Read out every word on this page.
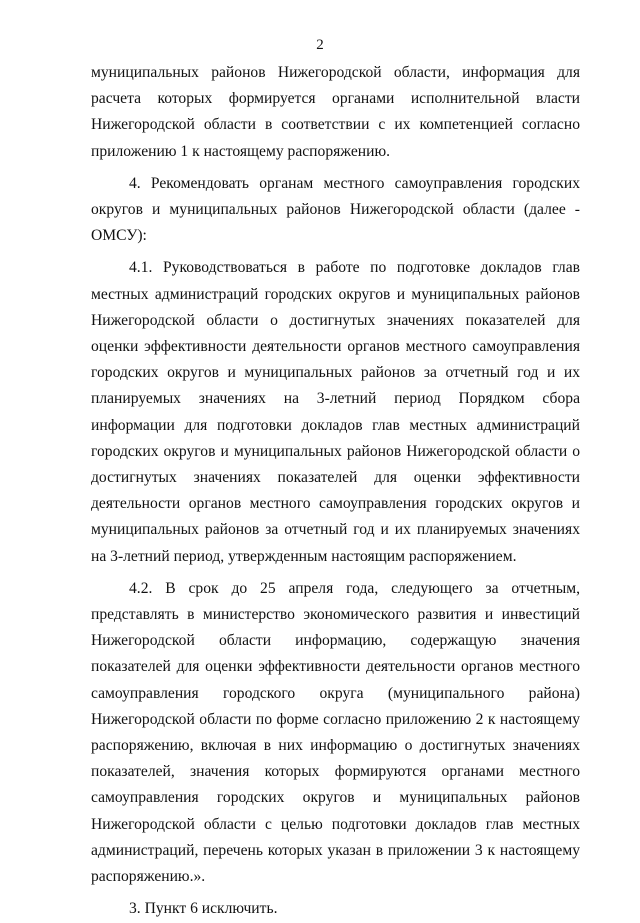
2

муниципальных районов Нижегородской области, информация для расчета которых формируется органами исполнительной власти Нижегородской области в соответствии с их компетенцией согласно приложению 1 к настоящему распоряжению.

4. Рекомендовать органам местного самоуправления городских округов и муниципальных районов Нижегородской области (далее - ОМСУ):

4.1. Руководствоваться в работе по подготовке докладов глав местных администраций городских округов и муниципальных районов Нижегородской области о достигнутых значениях показателей для оценки эффективности деятельности органов местного самоуправления городских округов и муниципальных районов за отчетный год и их планируемых значениях на 3-летний период Порядком сбора информации для подготовки докладов глав местных администраций городских округов и муниципальных районов Нижегородской области о достигнутых значениях показателей для оценки эффективности деятельности органов местного самоуправления городских округов и муниципальных районов за отчетный год и их планируемых значениях на 3-летний период, утвержденным настоящим распоряжением.

4.2. В срок до 25 апреля года, следующего за отчетным, представлять в министерство экономического развития и инвестиций Нижегородской области информацию, содержащую значения показателей для оценки эффективности деятельности органов местного самоуправления городского округа (муниципального района) Нижегородской области по форме согласно приложению 2 к настоящему распоряжению, включая в них информацию о достигнутых значениях показателей, значения которых формируются органами местного самоуправления городских округов и муниципальных районов Нижегородской области с целью подготовки докладов глав местных администраций, перечень которых указан в приложении 3 к настоящему распоряжению.».

3. Пункт 6 исключить.
